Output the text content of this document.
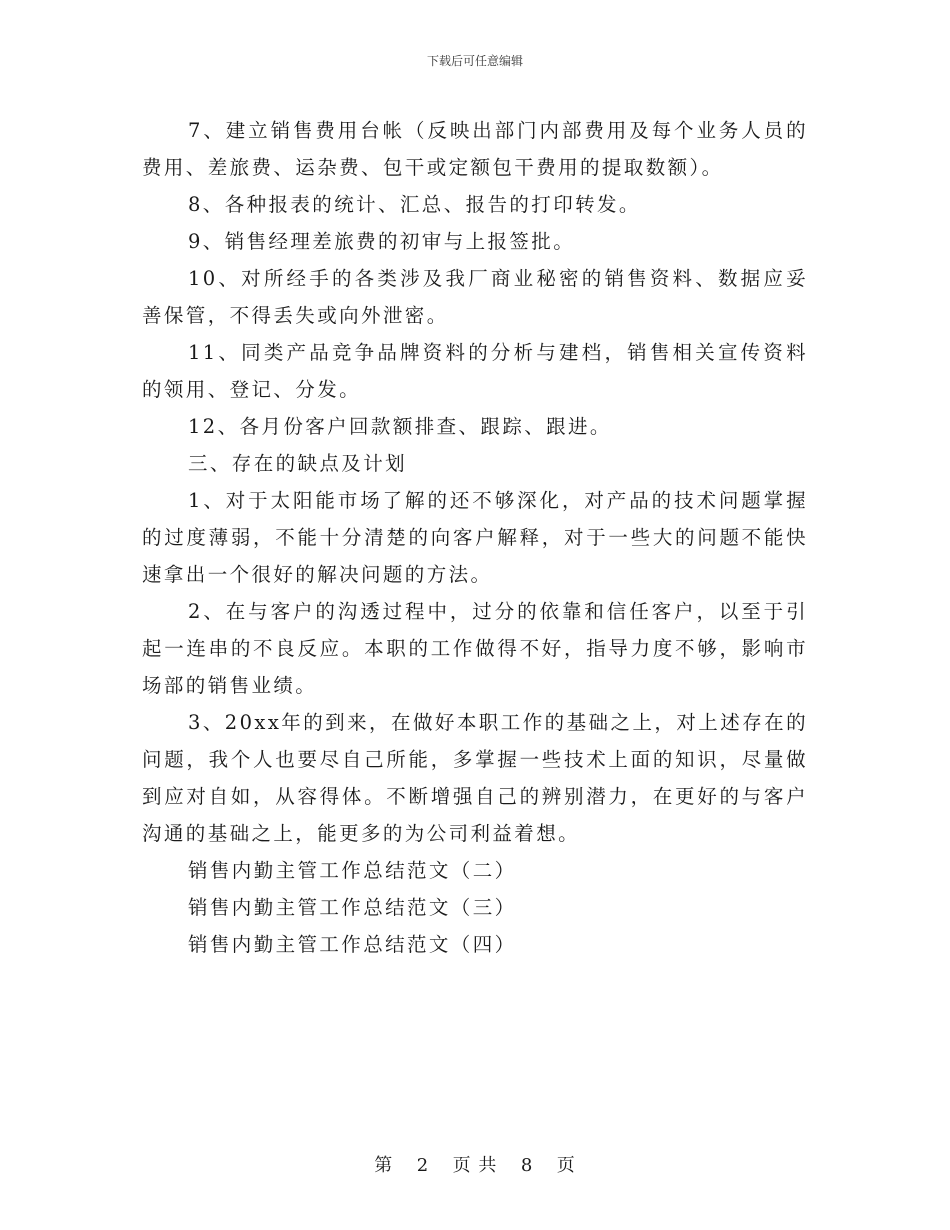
下载后可任意编辑

7、建立销售费用台帐（反映出部门内部费用及每个业务人员的费用、差旅费、运杂费、包干或定额包干费用的提取数额）。

8、各种报表的统计、汇总、报告的打印转发。

9、销售经理差旅费的初审与上报签批。

10、对所经手的各类涉及我厂商业秘密的销售资料、数据应妥善保管，不得丢失或向外泄密。

11、同类产品竞争品牌资料的分析与建档，销售相关宣传资料的领用、登记、分发。

12、各月份客户回款额排查、跟踪、跟进。

三、存在的缺点及计划

1、对于太阳能市场了解的还不够深化，对产品的技术问题掌握的过度薄弱，不能十分清楚的向客户解释，对于一些大的问题不能快速拿出一个很好的解决问题的方法。

2、在与客户的沟透过程中，过分的依靠和信任客户，以至于引起一连串的不良反应。本职的工作做得不好，指导力度不够，影响市场部的销售业绩。

3、20xx年的到来，在做好本职工作的基础之上，对上述存在的问题，我个人也要尽自己所能，多掌握一些技术上面的知识，尽量做到应对自如，从容得体。不断增强自己的辨别潜力，在更好的与客户沟通的基础之上，能更多的为公司利益着想。

销售内勤主管工作总结范文（二）

销售内勤主管工作总结范文（三）

销售内勤主管工作总结范文（四）

第 2 页 共 8 页
